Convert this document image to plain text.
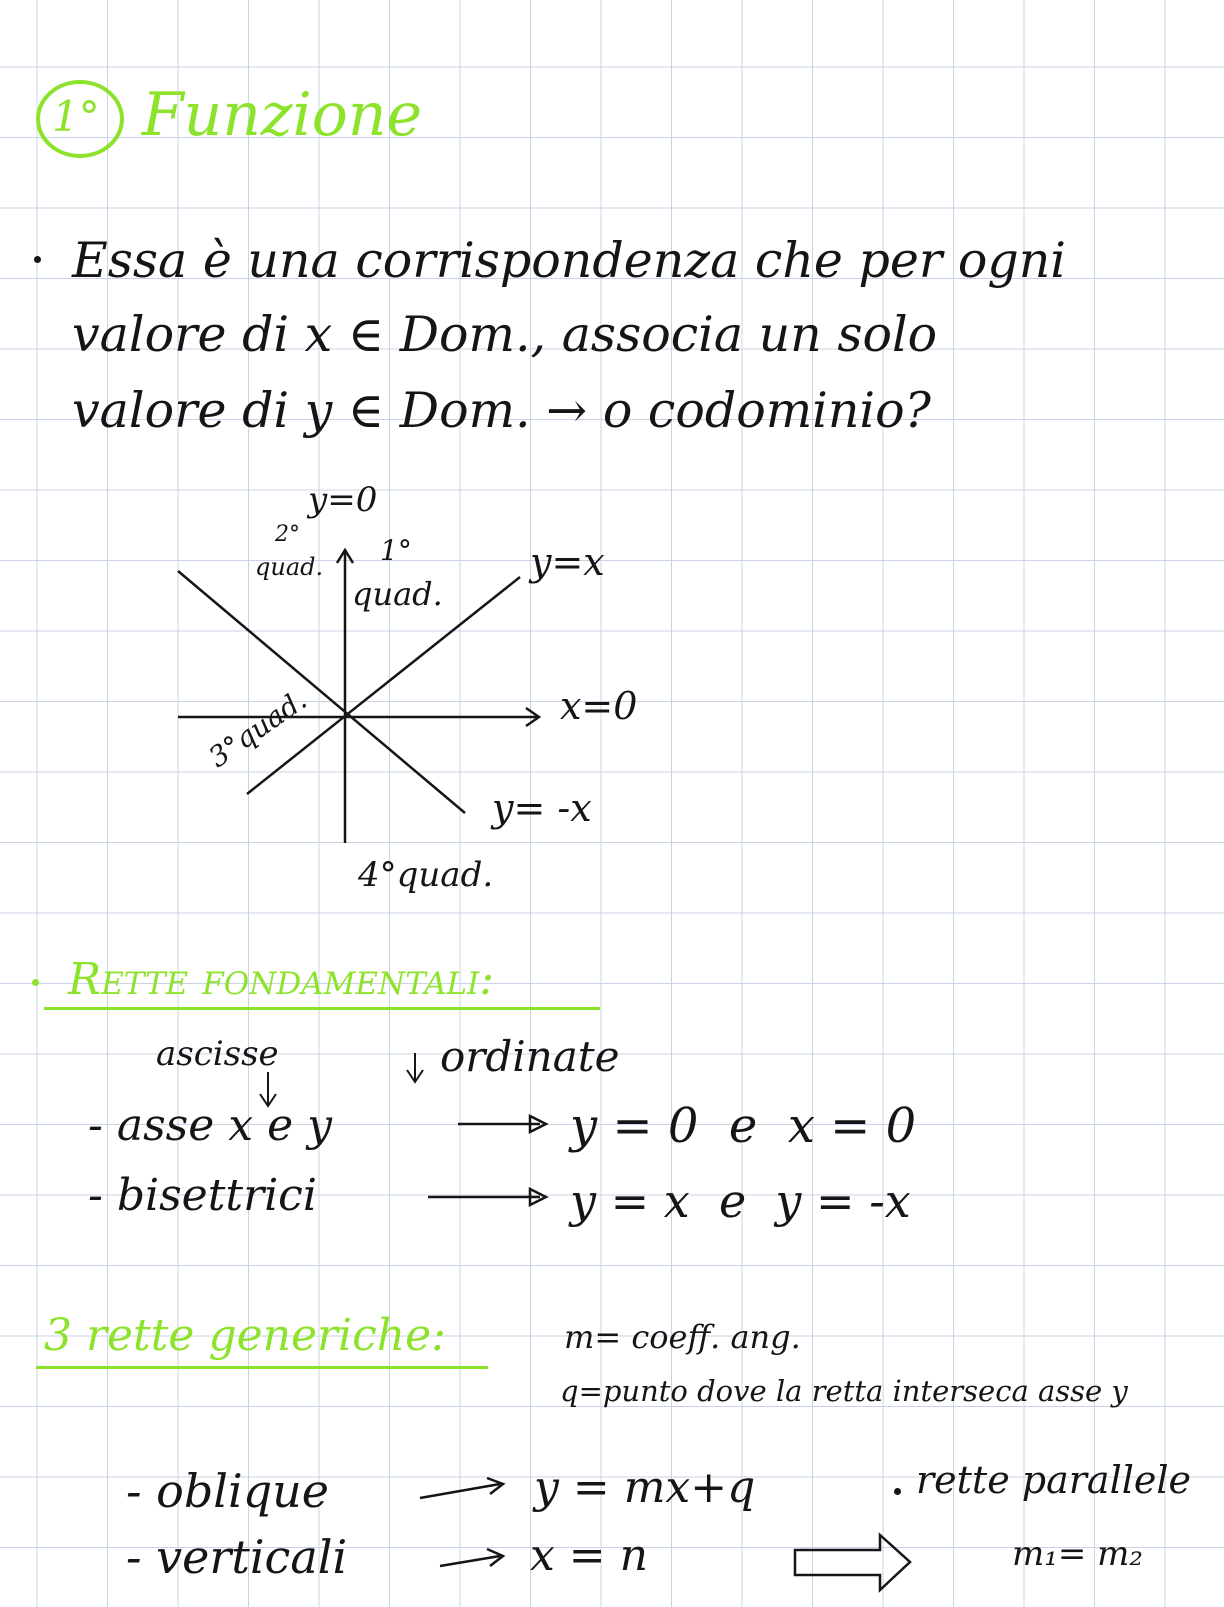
1° Funzione
Essa è una corrispondenza che per ogni
valore di x ∈ Dom., associa un solo
valore di y ∈ Dom. → o codominio?
y=0
2°
quad. 1°
quad.
y=x
x=0
3°quad.
y= -x
4°quad.
Rette fondamentali:
ascisse	ordinate
- asse x e y	y = 0  e  x = 0
- bisettrici	y = x  e  y = -x
3 rette generiche:	m= coeff. ang.
q=punto dove la retta interseca asse y
- oblique	y = mx+q
- verticali	x = n
rette parallele
m₁= m₂
